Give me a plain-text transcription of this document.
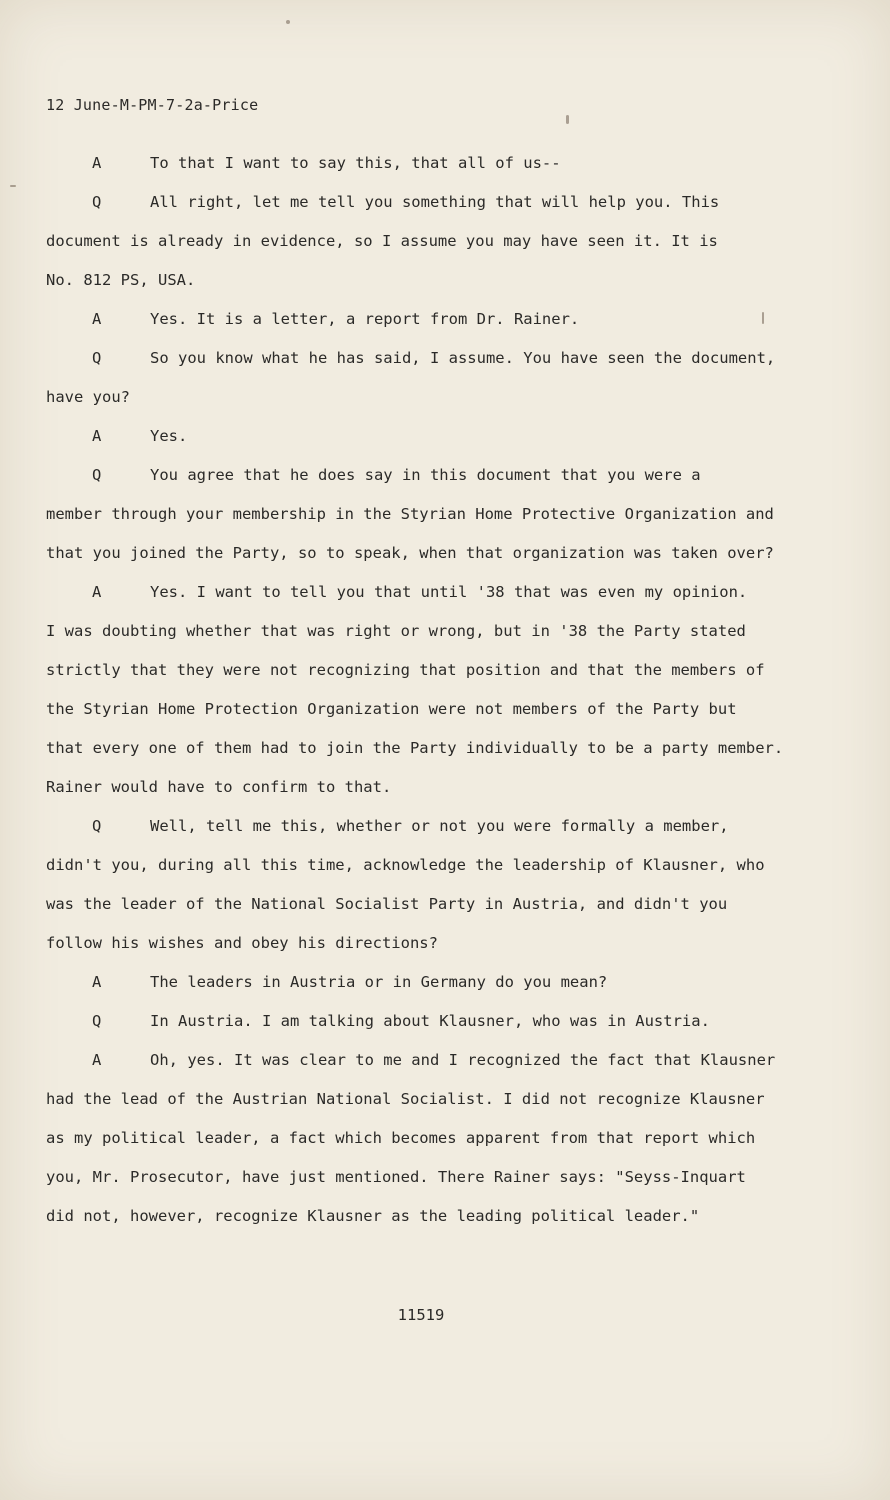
12 June-M-PM-7-2a-Price
A	To that I want to say this, that all of us--
Q	All right, let me tell you something that will help you. This
document is already in evidence, so I assume you may have seen it. It is
No. 812 PS, USA.
A	Yes. It is a letter, a report from Dr. Rainer.
Q	So you know what he has said, I assume. You have seen the document,
have you?
A	Yes.
Q	You agree that he does say in this document that you were a
member through your membership in the Styrian Home Protective Organization and
that you joined the Party, so to speak, when that organization was taken over?
A	Yes. I want to tell you that until '38 that was even my opinion.
I was doubting whether that was right or wrong, but in '38 the Party stated
strictly that they were not recognizing that position and that the members of
the Styrian Home Protection Organization were not members of the Party but
that every one of them had to join the Party individually to be a party member.
Rainer would have to confirm to that.
Q	Well, tell me this, whether or not you were formally a member,
didn't you, during all this time, acknowledge the leadership of Klausner, who
was the leader of the National Socialist Party in Austria, and didn't you
follow his wishes and obey his directions?
A	The leaders in Austria or in Germany do you mean?
Q	In Austria. I am talking about Klausner, who was in Austria.
A	Oh, yes. It was clear to me and I recognized the fact that Klausner
had the lead of the Austrian National Socialist. I did not recognize Klausner
as my political leader, a fact which becomes apparent from that report which
you, Mr. Prosecutor, have just mentioned. There Rainer says: "Seyss-Inquart
did not, however, recognize Klausner as the leading political leader."
11519
